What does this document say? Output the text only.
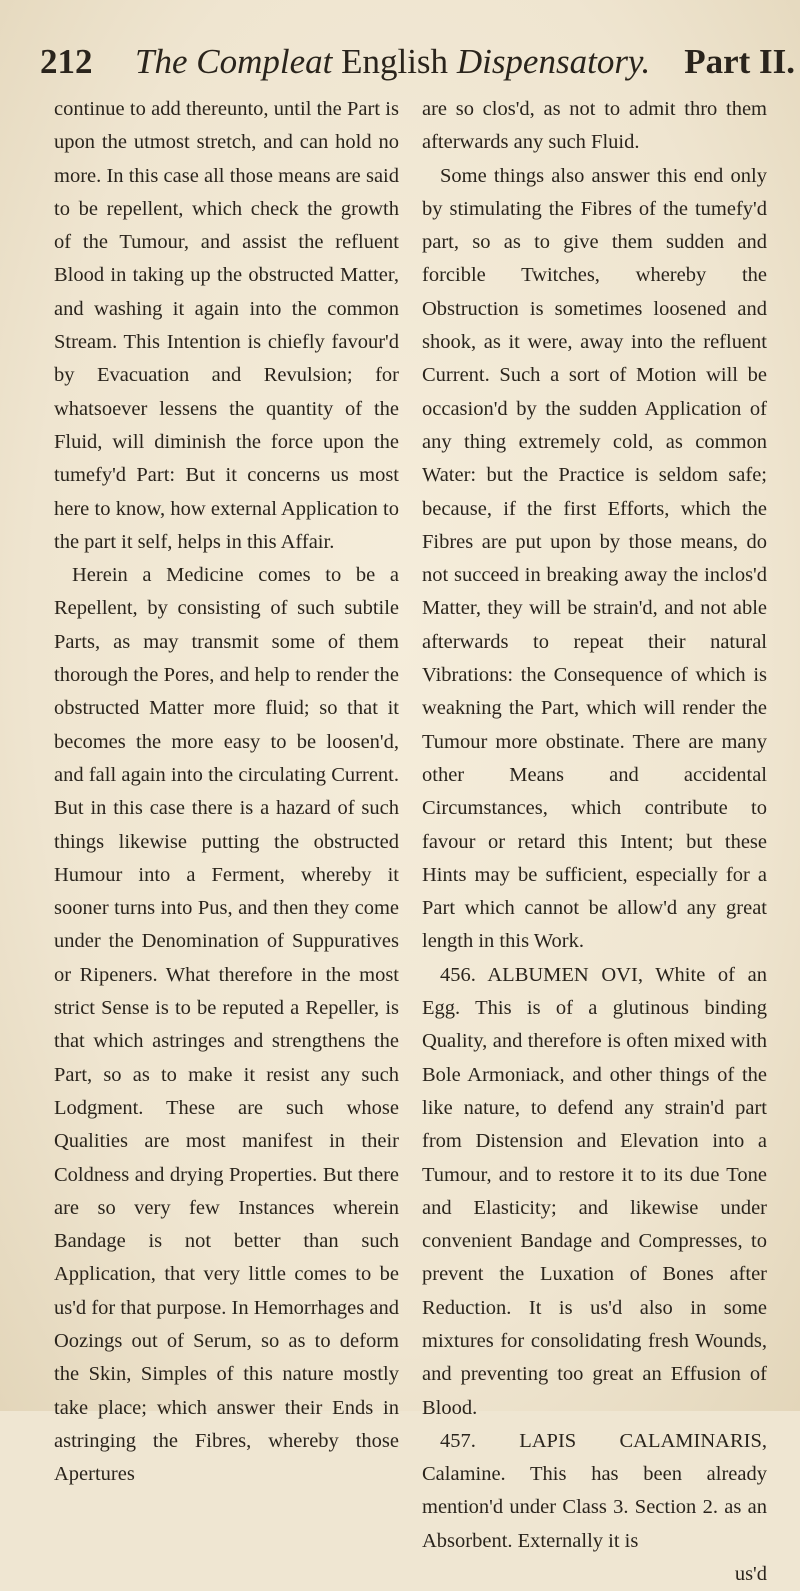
212 The Compleat English Dispensatory. Part II.

continue to add thereunto, until the Part is upon the utmost stretch, and can hold no more. In this case all those means are said to be repellent, which check the growth of the Tumour, and assist the refluent Blood in taking up the obstructed Matter, and washing it again into the common Stream. This Intention is chiefly favour'd by Evacuation and Revulsion; for whatsoever lessens the quantity of the Fluid, will diminish the force upon the tumefy'd Part: But it concerns us most here to know, how external Application to the part it self, helps in this Affair.

Herein a Medicine comes to be a Repellent, by consisting of such subtile Parts, as may transmit some of them thorough the Pores, and help to render the obstructed Matter more fluid; so that it becomes the more easy to be loosen'd, and fall again into the circulating Current. But in this case there is a hazard of such things likewise putting the obstructed Humour into a Ferment, whereby it sooner turns into Pus, and then they come under the Denomination of Suppuratives or Ripeners. What therefore in the most strict Sense is to be reputed a Repeller, is that which astringes and strengthens the Part, so as to make it resist any such Lodgment. These are such whose Qualities are most manifest in their Coldness and drying Properties. But there are so very few Instances wherein Bandage is not better than such Application, that very little comes to be us'd for that purpose. In Hemorrhages and Oozings out of Serum, so as to deform the Skin, Simples of this nature mostly take place; which answer their Ends in astringing the Fibres, whereby those Apertures

are so clos'd, as not to admit thro them afterwards any such Fluid.

Some things also answer this end only by stimulating the Fibres of the tumefy'd part, so as to give them sudden and forcible Twitches, whereby the Obstruction is sometimes loosened and shook, as it were, away into the refluent Current. Such a sort of Motion will be occasion'd by the sudden Application of any thing extremely cold, as common Water: but the Practice is seldom safe; because, if the first Efforts, which the Fibres are put upon by those means, do not succeed in breaking away the inclos'd Matter, they will be strain'd, and not able afterwards to repeat their natural Vibrations: the Consequence of which is weakning the Part, which will render the Tumour more obstinate. There are many other Means and accidental Circumstances, which contribute to favour or retard this Intent; but these Hints may be sufficient, especially for a Part which cannot be allow'd any great length in this Work.

456. ALBUMEN OVI, White of an Egg. This is of a glutinous binding Quality, and therefore is often mixed with Bole Armoniack, and other things of the like nature, to defend any strain'd part from Distension and Elevation into a Tumour, and to restore it to its due Tone and Elasticity; and likewise under convenient Bandage and Compresses, to prevent the Luxation of Bones after Reduction. It is us'd also in some mixtures for consolidating fresh Wounds, and preventing too great an Effusion of Blood.

457. LAPIS CALAMINARIS, Calamine. This has been already mention'd under Class 3. Section 2. as an Absorbent. Externally it is

us'd
